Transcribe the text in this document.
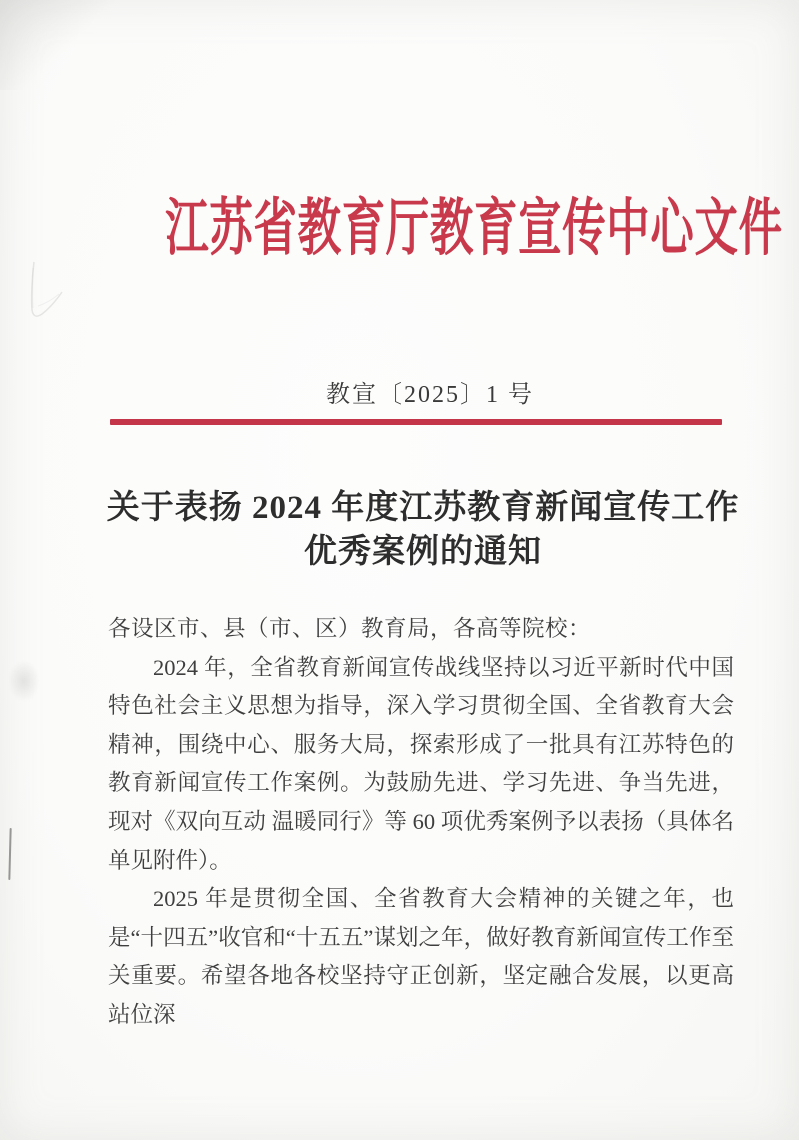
江苏省教育厅教育宣传中心文件
教宣〔2025〕1 号
关于表扬 2024 年度江苏教育新闻宣传工作
优秀案例的通知

各设区市、县（市、区）教育局，各高等院校：

2024 年，全省教育新闻宣传战线坚持以习近平新时代中国特色社会主义思想为指导，深入学习贯彻全国、全省教育大会精神，围绕中心、服务大局，探索形成了一批具有江苏特色的教育新闻宣传工作案例。为鼓励先进、学习先进、争当先进，现对《双向互动 温暖同行》等 60 项优秀案例予以表扬（具体名单见附件）。

2025 年是贯彻全国、全省教育大会精神的关键之年，也是“十四五”收官和“十五五”谋划之年，做好教育新闻宣传工作至关重要。希望各地各校坚持守正创新，坚定融合发展，以更高站位深
